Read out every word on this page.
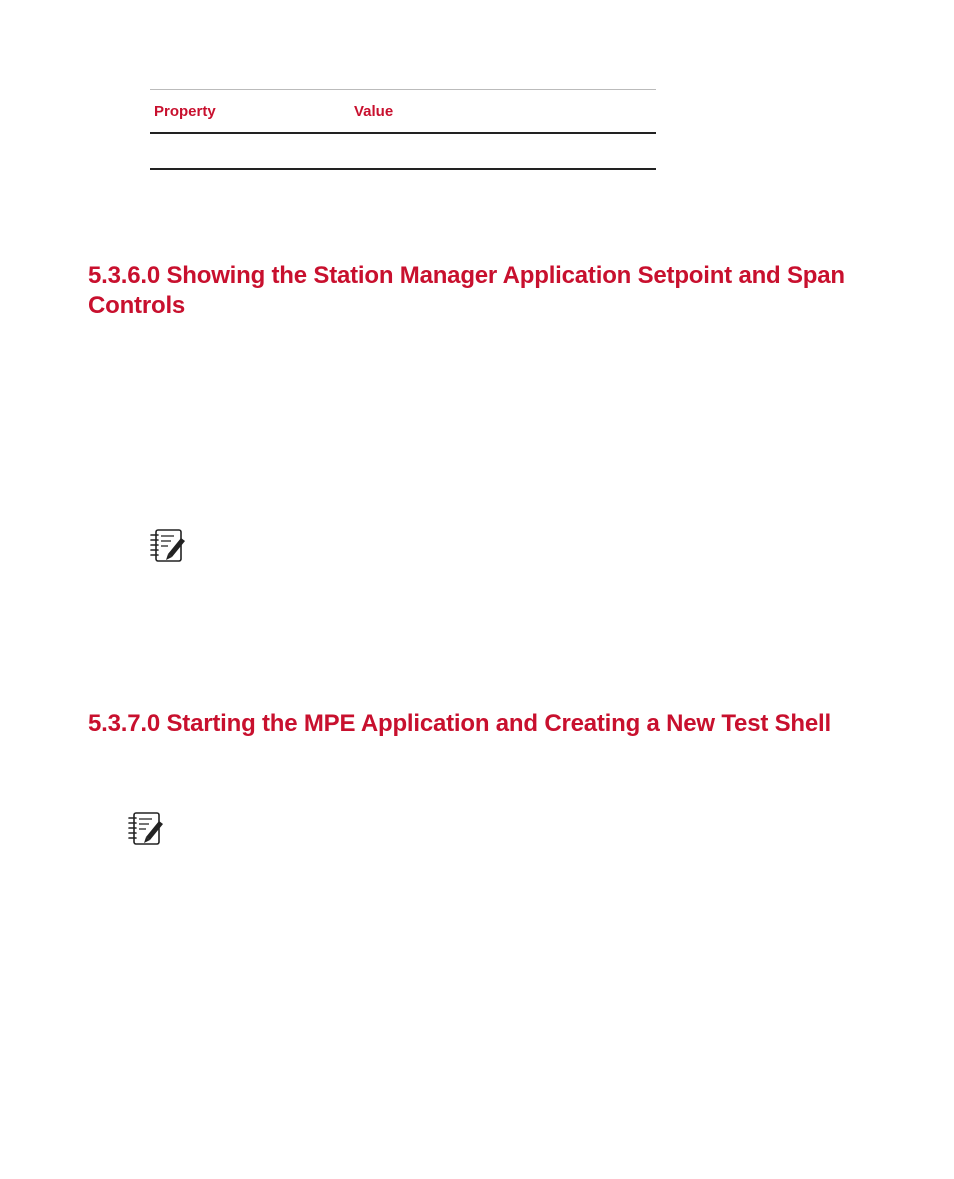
Property	Value

5.3.6.0 Showing the Station Manager Application Setpoint and Span Controls
5.3.7.0 Starting the MPE Application and Creating a New Test Shell
